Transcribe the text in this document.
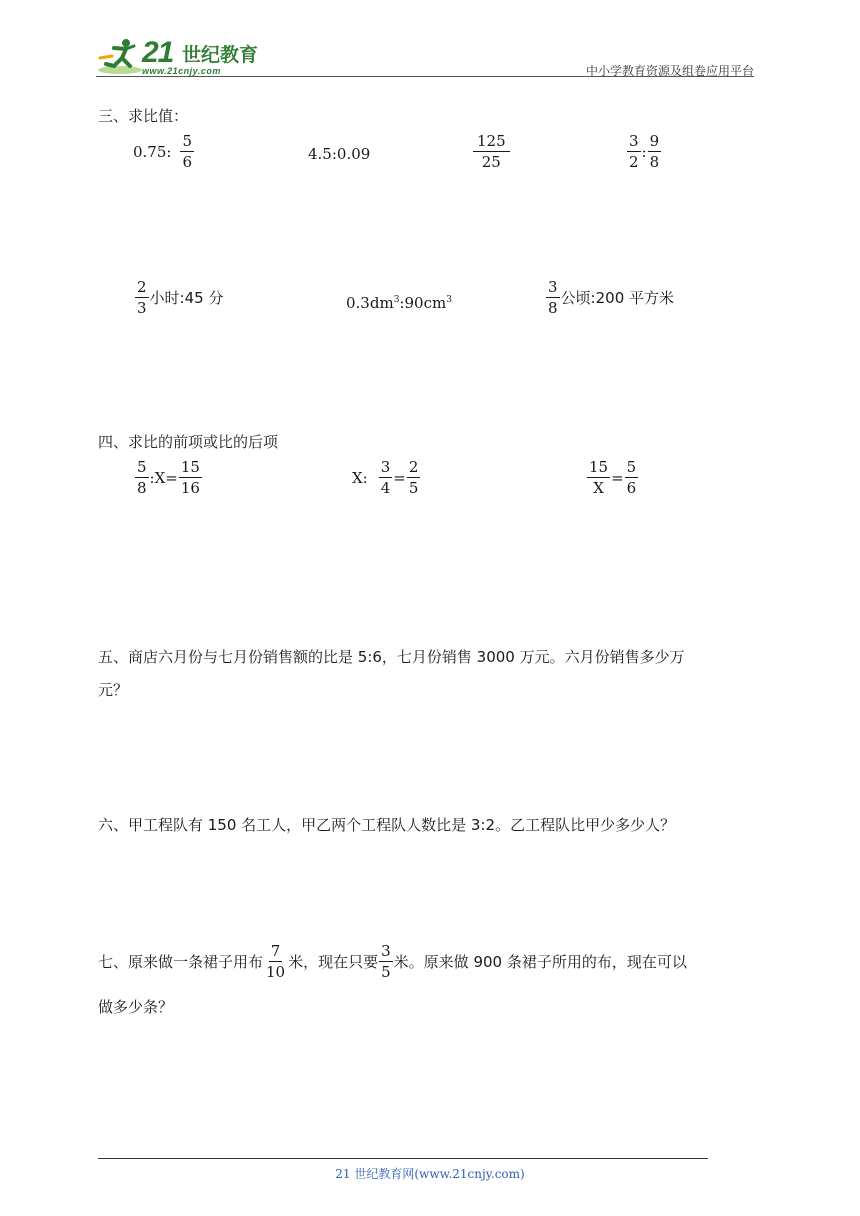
21 世纪教育
www.21cnjy.com	中小学教育资源及组卷应用平台
三、求比值：
0.75: $\frac{5}{6}$	4.5:0.09	$\frac{125}{25}$	$\frac{3}{2}$ : $\frac{9}{8}$
$\frac{2}{3}$ 小时:45 分	$0.3dm^3:90cm^3$	$\frac{3}{8}$ 公顷:200 平方米
四、求比的前项或比的后项
$\frac{5}{8}$ :X= $\frac{15}{16}$	X: $\frac{3}{4} = \frac{2}{5}$	$\frac{15}{X} = \frac{5}{6}$
五、商店六月份与七月份销售额的比是 5:6，七月份销售 3000 万元。六月份销售多少万
元？
六、甲工程队有 150 名工人，甲乙两个工程队人数比是 3:2。乙工程队比甲少多少人？
七、原来做一条裙子用布 $\frac{7}{10}$ 米，现在只要 $\frac{3}{5}$ 米。原来做 900 条裙子所用的布，现在可以
做多少条？
21 世纪教育网(www.21cnjy.com)
